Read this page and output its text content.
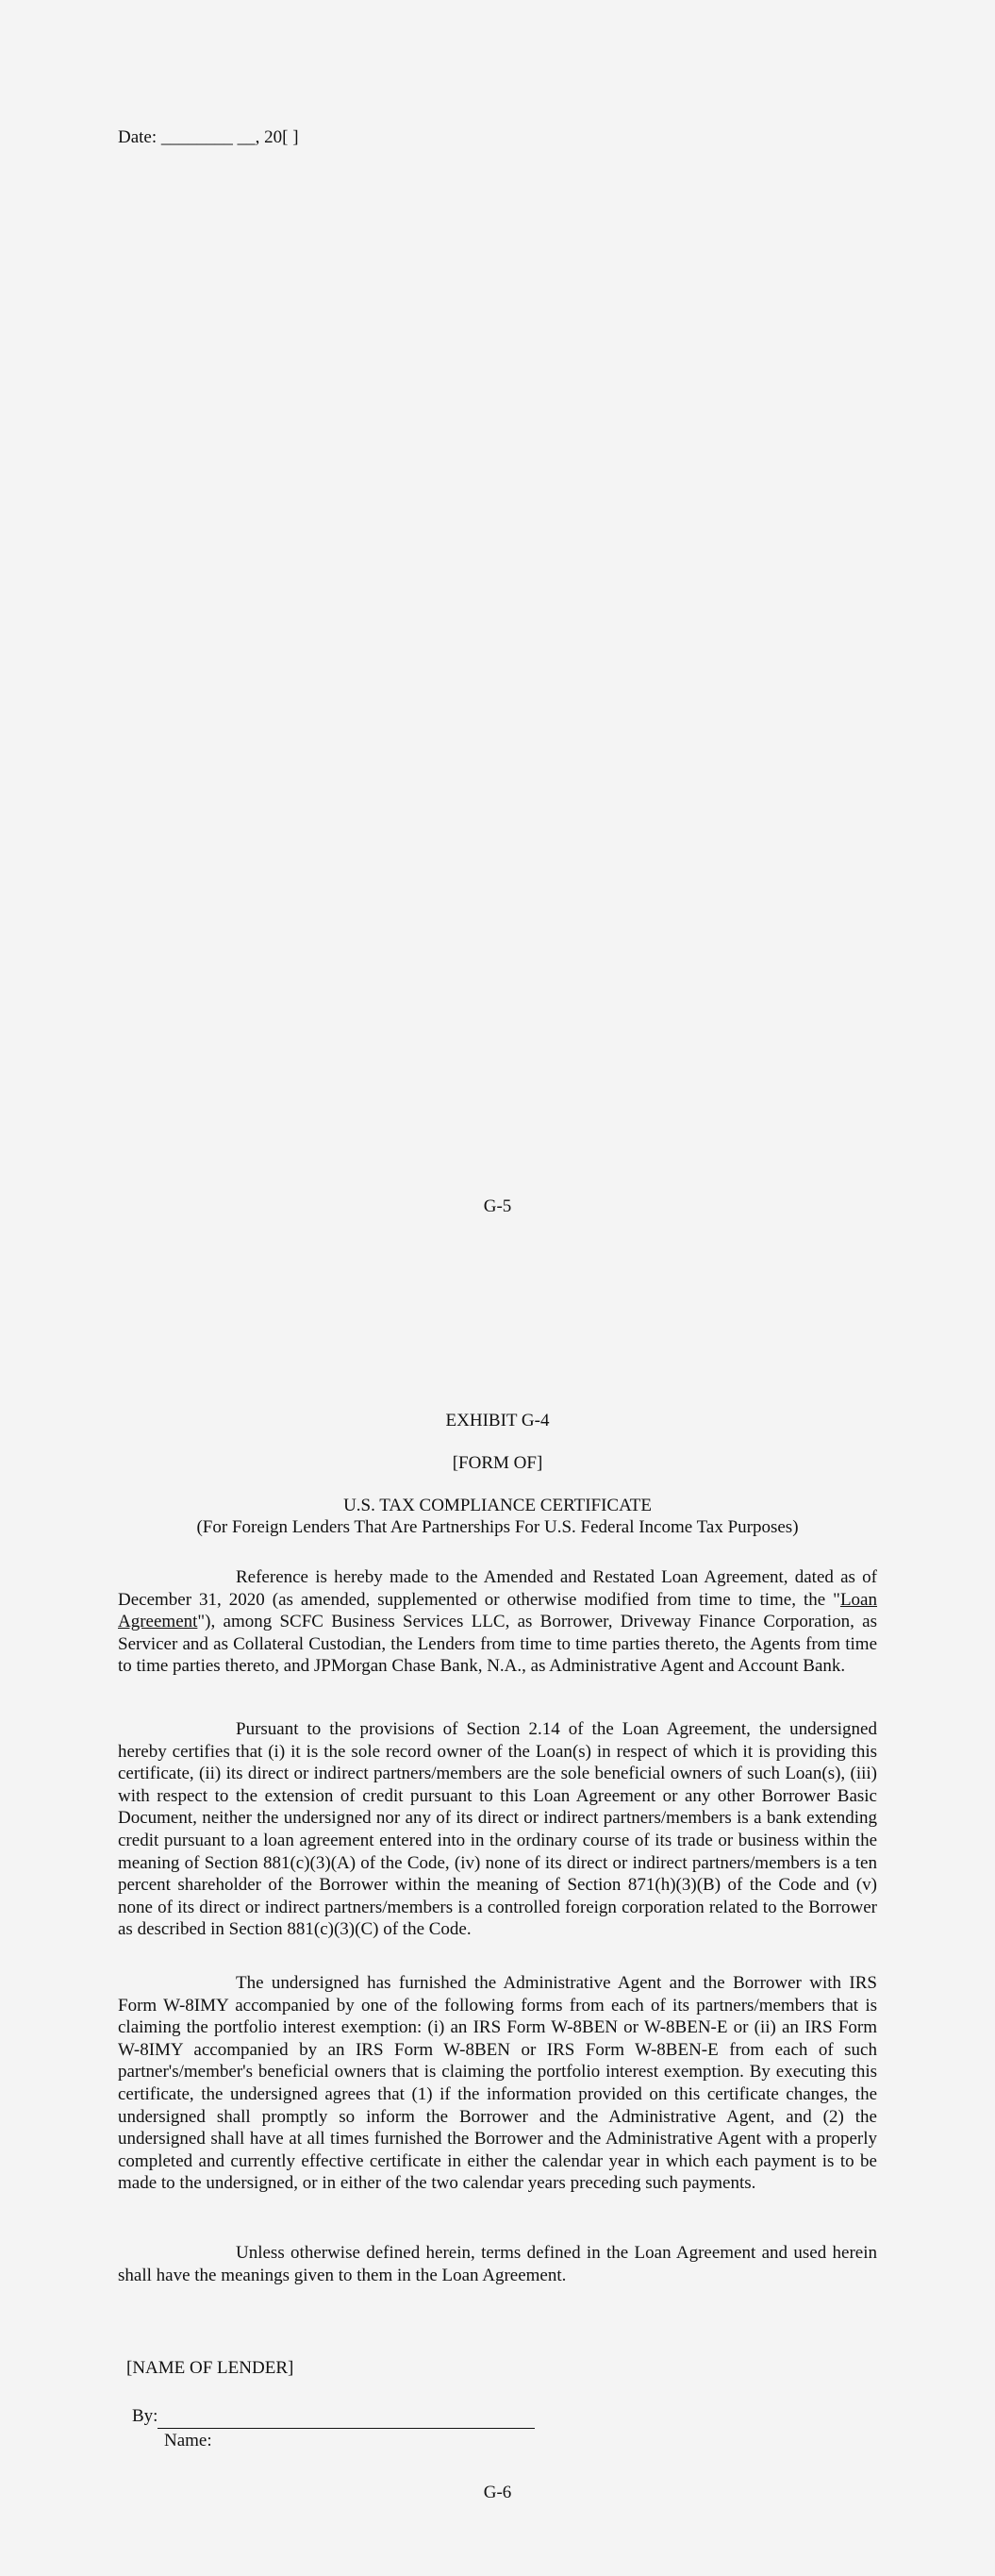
Date: ________ __, 20[ ]
G-5
EXHIBIT G-4
[FORM OF]
U.S. TAX COMPLIANCE CERTIFICATE
(For Foreign Lenders That Are Partnerships For U.S. Federal Income Tax Purposes)
Reference is hereby made to the Amended and Restated Loan Agreement, dated as of December 31, 2020 (as amended, supplemented or otherwise modified from time to time, the "Loan Agreement"), among SCFC Business Services LLC, as Borrower, Driveway Finance Corporation, as Servicer and as Collateral Custodian, the Lenders from time to time parties thereto, the Agents from time to time parties thereto, and JPMorgan Chase Bank, N.A., as Administrative Agent and Account Bank.
Pursuant to the provisions of Section 2.14 of the Loan Agreement, the undersigned hereby certifies that (i) it is the sole record owner of the Loan(s) in respect of which it is providing this certificate, (ii) its direct or indirect partners/members are the sole beneficial owners of such Loan(s), (iii) with respect to the extension of credit pursuant to this Loan Agreement or any other Borrower Basic Document, neither the undersigned nor any of its direct or indirect partners/members is a bank extending credit pursuant to a loan agreement entered into in the ordinary course of its trade or business within the meaning of Section 881(c)(3)(A) of the Code, (iv) none of its direct or indirect partners/members is a ten percent shareholder of the Borrower within the meaning of Section 871(h)(3)(B) of the Code and (v) none of its direct or indirect partners/members is a controlled foreign corporation related to the Borrower as described in Section 881(c)(3)(C) of the Code.
The undersigned has furnished the Administrative Agent and the Borrower with IRS Form W-8IMY accompanied by one of the following forms from each of its partners/members that is claiming the portfolio interest exemption: (i) an IRS Form W-8BEN or W-8BEN-E or (ii) an IRS Form W-8IMY accompanied by an IRS Form W-8BEN or IRS Form W-8BEN-E from each of such partner's/member's beneficial owners that is claiming the portfolio interest exemption. By executing this certificate, the undersigned agrees that (1) if the information provided on this certificate changes, the undersigned shall promptly so inform the Borrower and the Administrative Agent, and (2) the undersigned shall have at all times furnished the Borrower and the Administrative Agent with a properly completed and currently effective certificate in either the calendar year in which each payment is to be made to the undersigned, or in either of the two calendar years preceding such payments.
Unless otherwise defined herein, terms defined in the Loan Agreement and used herein shall have the meanings given to them in the Loan Agreement.
[NAME OF LENDER]
By:
Name:
G-6
